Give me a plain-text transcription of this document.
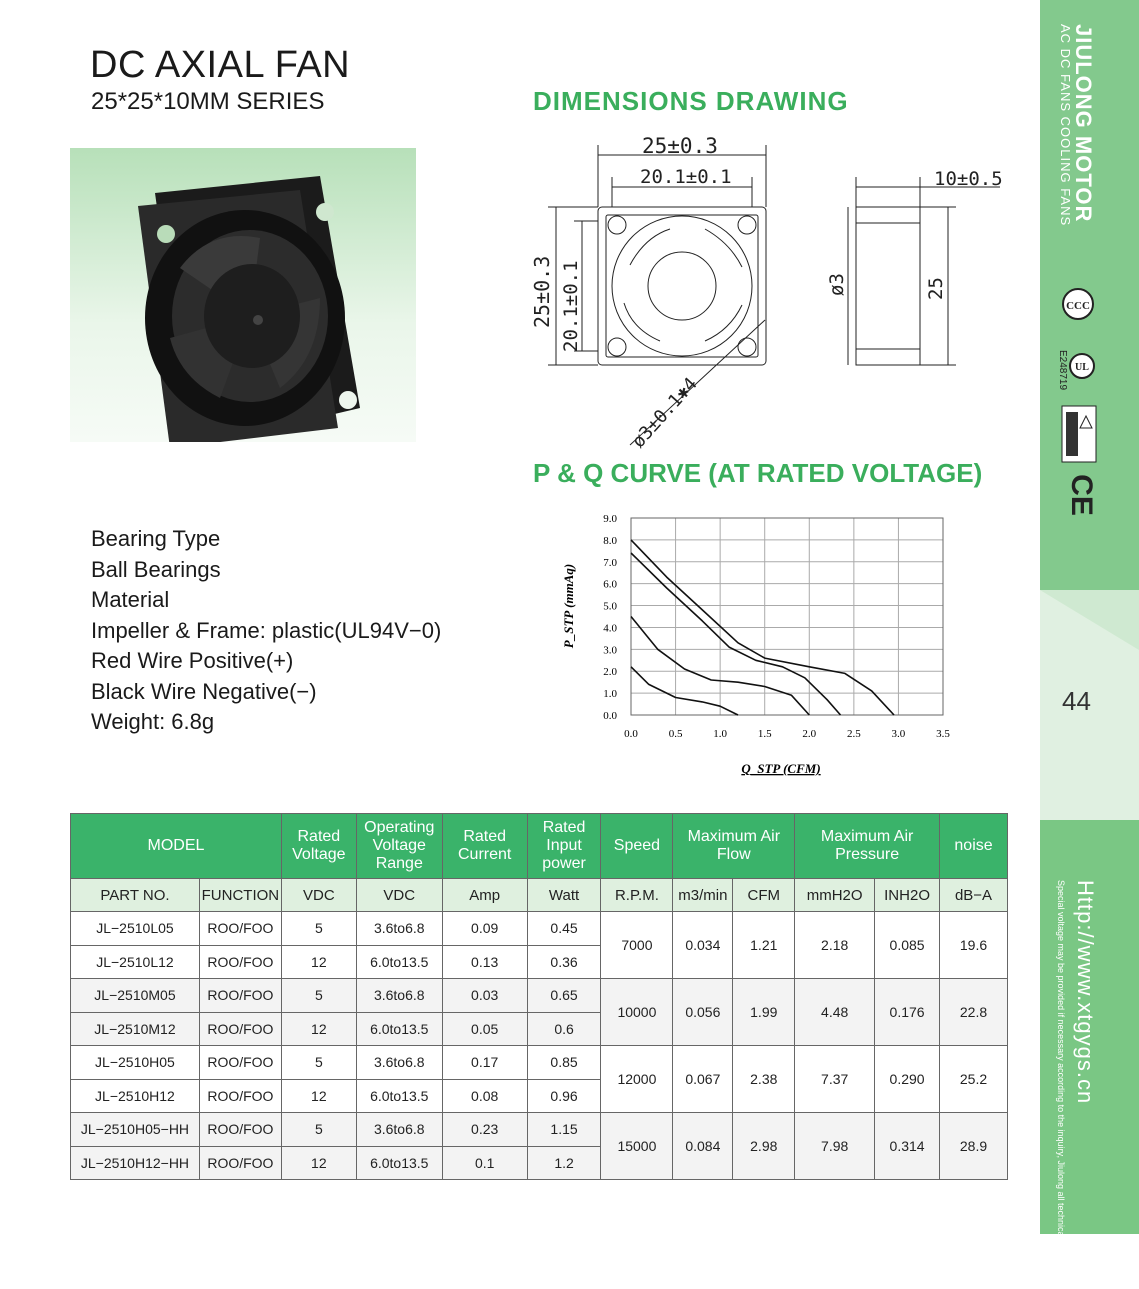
DC AXIAL FAN
25*25*10MM SERIES	DIMENSIONS DRAWING
P & Q CURVE (AT RATED VOLTAGE)
25±0.3
20.1±0.1	10±0.5
25±0.3 20.1±0.1	ø3	25
ø3±0.1✱4
Bearing Type
Ball Bearings
Material
Impeller & Frame: plastic(UL94V−0)
Red Wire Positive(+)
Black Wire Negative(−)
Weight: 6.8g	0.0	0.5	1.0	1.5	2.0	2.5	3.0	3.5
0.0
1.0
2.0
3.0
4.0
5.0
6.0
7.0
8.0
9.0
Q_STP (CFM)
P_STP (mmAq)
JIULONG MOTOR
AC DC FANS COOLING FANS
CCC
UL
E248719
CE
44
Http://www.xtgygs.cn
Special voltage may be provided if necessary according to the inquiry, Jiulong all technical modification
MODEL		Rated Voltage	Operating Voltage Range	Rated Current	Rated Input power	Speed	Maximum Air Flow		Maximum Air Pressure		noise
PART NO.	FUNCTION	VDC	VDC	Amp	Watt	R.P.M.	m3/min	CFM	mmH2O	INH2O	dB−A
JL−2510L05	ROO/FOO	5	3.6to6.8	0.09	0.45	7000	0.034	1.21	2.18	0.085	19.6
JL−2510L12	ROO/FOO	12	6.0to13.5	0.13	0.36						
JL−2510M05	ROO/FOO	5	3.6to6.8	0.03	0.65	10000	0.056	1.99	4.48	0.176	22.8
JL−2510M12	ROO/FOO	12	6.0to13.5	0.05	0.6						
JL−2510H05	ROO/FOO	5	3.6to6.8	0.17	0.85	12000	0.067	2.38	7.37	0.290	25.2
JL−2510H12	ROO/FOO	12	6.0to13.5	0.08	0.96						
JL−2510H05−HH	ROO/FOO	5	3.6to6.8	0.23	1.15	15000	0.084	2.98	7.98	0.314	28.9
JL−2510H12−HH	ROO/FOO	12	6.0to13.5	0.1	1.2						
